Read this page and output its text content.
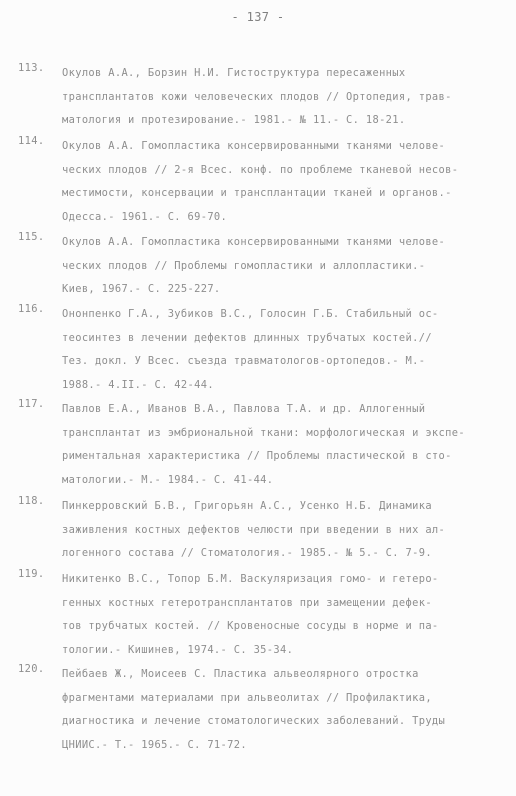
- 137 -
113.	Окулов А.А., Борзин Н.И. Гистоструктура пересаженных
трансплантатов кожи человеческих плодов // Ортопедия, трав-
матология и протезирование.- 1981.- № 11.- С. 18-21.
114.	Окулов А.А. Гомопластика консервированными тканями челове-
ческих плодов // 2-я Всес. конф. по проблеме тканевой несов-
местимости, консервации и трансплантации тканей и органов.-
Одесса.- 1961.- С. 69-70.
115.	Окулов А.А. Гомопластика консервированными тканями челове-
ческих плодов // Проблемы гомопластики и аллопластики.-
Киев, 1967.- С. 225-227.
116.	Ононпенко Г.А., Зубиков В.С., Голосин Г.Б. Стабильный ос-
теосинтез в лечении дефектов длинных трубчатых костей.//
Тез. докл. У Всес. съезда травматологов-ортопедов.- М.-
1988.- 4.II.- С. 42-44.
117.	Павлов Е.А., Иванов В.А., Павлова Т.А. и др. Аллогенный
трансплантат из эмбриональной ткани: морфологическая и экспе-
риментальная характеристика // Проблемы пластической в сто-
матологии.- М.- 1984.- С. 41-44.
118.	Пинкерровский Б.В., Григорьян А.С., Усенко Н.Б. Динамика
заживления костных дефектов челюсти при введении в них ал-
логенного состава // Стоматология.- 1985.- № 5.- С. 7-9.
119.	Никитенко В.С., Топор Б.М. Васкуляризация гомо- и гетеро-
генных костных гетеротрансплантатов при замещении дефек-
тов трубчатых костей. // Кровеносные сосуды в норме и па-
тологии.- Кишинев, 1974.- С. 35-34.
120.	Пейбаев Ж., Моисеев С. Пластика альвеолярного отростка
фрагментами материалами при альвеолитах // Профилактика,
диагностика и лечение стоматологических заболеваний. Труды
ЦНИИС.- Т.- 1965.- С. 71-72.
